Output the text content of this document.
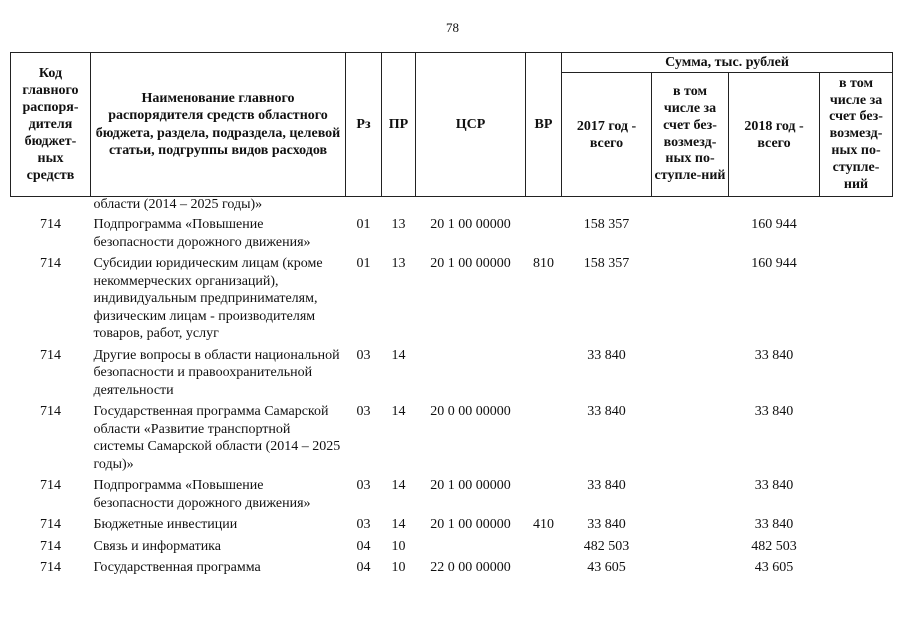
78
Код главного распоря-дителя бюджет-ных средств	Наименование главного распорядителя средств областного бюджета, раздела, подраздела, целевой статьи, подгруппы видов расходов	Рз	ПР	ЦСР	ВР	Сумма, тыс. рублей			
						2017 год - всего	в том числе за счет без-возмезд-ных по-ступле-ний	2018 год - всего	в том числе за счет без-возмезд-ных по-ступле-ний
	области (2014 – 2025 годы)»								
714	Подпрограмма «Повышение безопасности дорожного движения»	01	13	20 1 00 00000		158 357		160 944	
714	Субсидии юридическим лицам (кроме некоммерческих организаций), индивидуальным предпринимателям, физическим лицам - производителям товаров, работ, услуг	01	13	20 1 00 00000	810	158 357		160 944	
714	Другие вопросы в области национальной безопасности и правоохранительной деятельности	03	14			33 840		33 840	
714	Государственная программа Самарской области «Развитие транспортной системы Самарской области (2014 – 2025 годы)»	03	14	20 0 00 00000		33 840		33 840	
714	Подпрограмма «Повышение безопасности дорожного движения»	03	14	20 1 00 00000		33 840		33 840	
714	Бюджетные инвестиции	03	14	20 1 00 00000	410	33 840		33 840	
714	Связь и информатика	04	10			482 503		482 503	
714	Государственная программа	04	10	22 0 00 00000		43 605		43 605	
